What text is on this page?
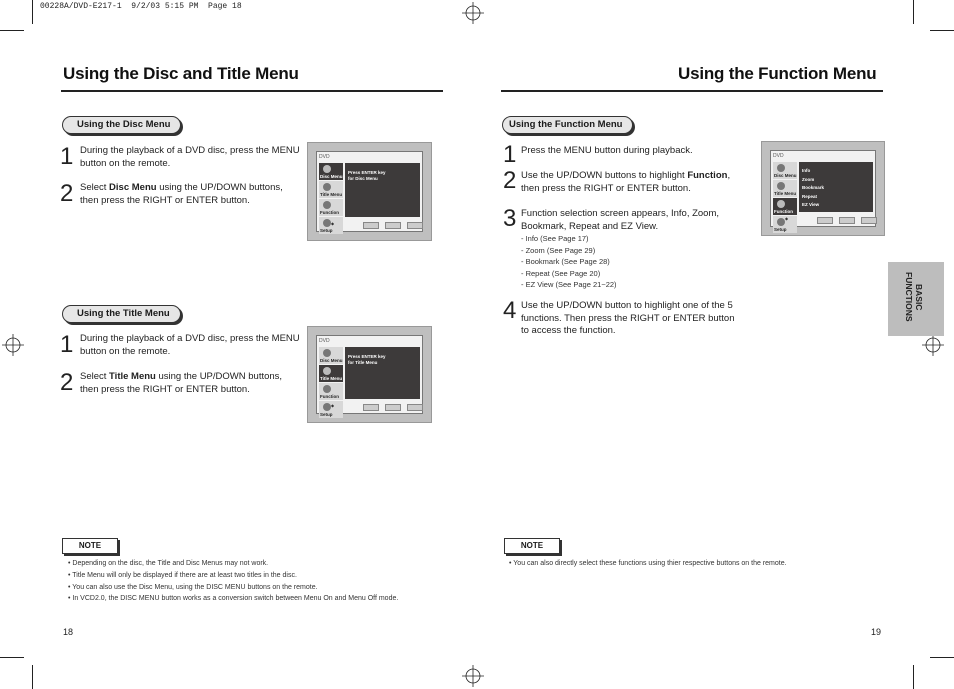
00228A/DVD-E217-1  9/2/03 5:15 PM  Page 18
Using the Disc and Title Menu
Using the Disc Menu
1 During the playback of a DVD disc, press the MENU button on the remote.
2 Select Disc Menu using the UP/DOWN buttons, then press the RIGHT or ENTER button.
DVD
Disc Menu
Title Menu
Function
Setup
Press ENTER key
for Disc Menu
◆
Using the Title Menu
1 During the playback of a DVD disc, press the MENU button on the remote.
2 Select Title Menu using the UP/DOWN buttons, then press the RIGHT or ENTER button.
DVD
Disc Menu
Title Menu
Function
Setup
Press ENTER key
for Title Menu
◆
NOTE
• Depending on the disc, the Title and Disc Menus may not work.
• Title Menu will only be displayed if there are at least two titles in the disc.
• You can also use the Disc Menu, using the DISC MENU buttons on the remote.
• In VCD2.0, the DISC MENU button works as a conversion switch between Menu On and Menu Off mode.
18
Using the Function Menu
Using the Function Menu
1 Press the MENU button during playback.
2 Use the UP/DOWN buttons to highlight Function, then press the RIGHT or ENTER button.
3 Function selection screen appears, Info, Zoom, Bookmark, Repeat and EZ View.
- Info (See Page 17)
- Zoom (See Page 29)
- Bookmark (See Page 28)
- Repeat (See Page 20)
- EZ View (See Page 21~22)
4 Use the UP/DOWN button to highlight one of the 5 functions. Then press the RIGHT or ENTER button to access the function.
DVD
Disc Menu
Title Menu
Function
Setup
Info
Zoom
Bookmark
Repeat
EZ View
◆
BASIC
FUNCTIONS
NOTE
• You can also directly select these functions using thier respective buttons on the remote.
19
